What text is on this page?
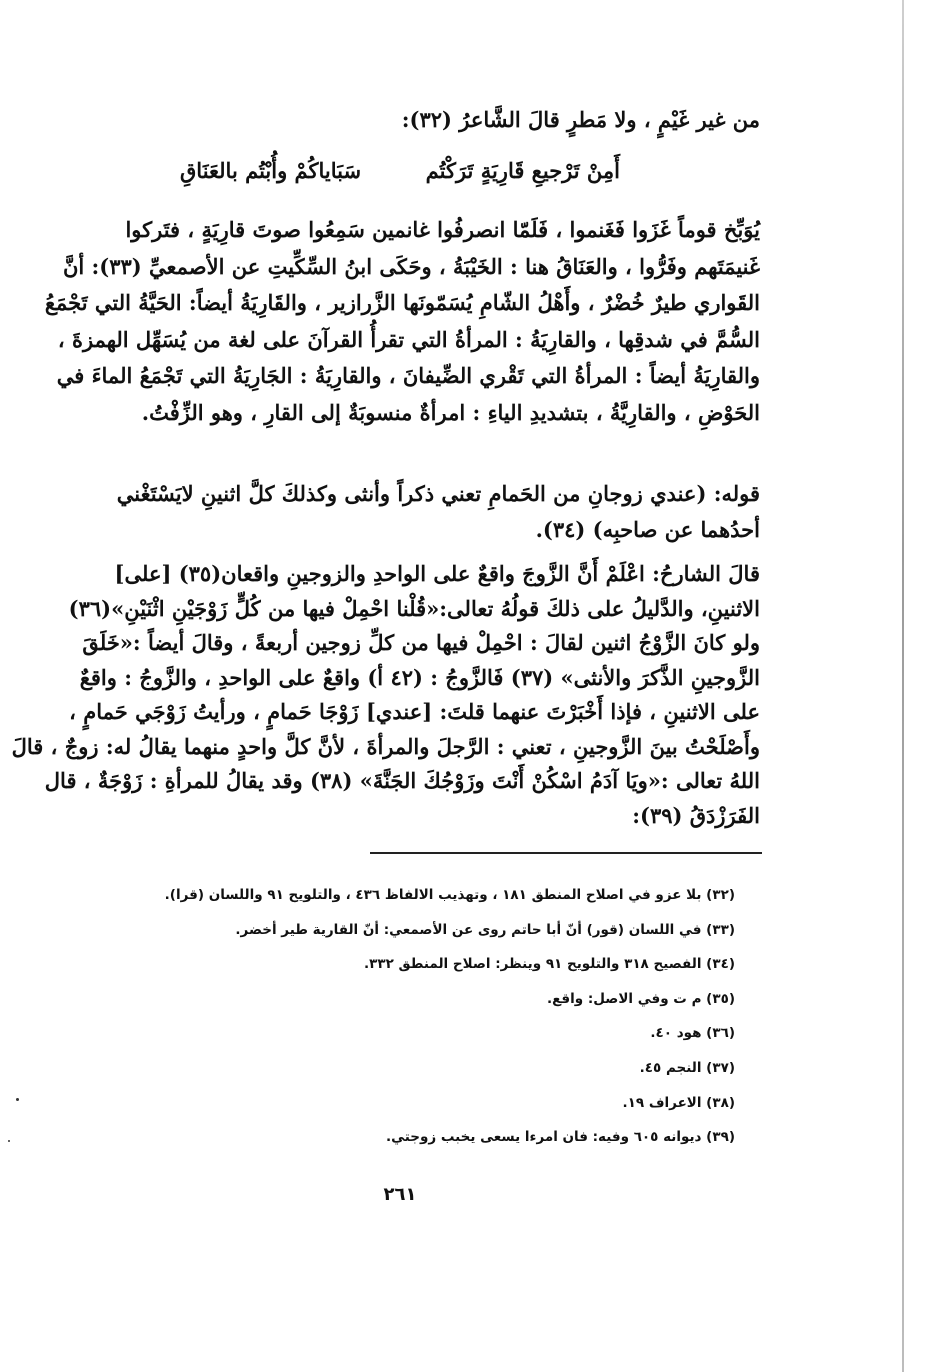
من غير غَيْمٍ ، ولا مَطرٍ قالَ الشَّاعرُ (٣٢):
أَمِنْ تَرْجيعِ قَارِيَةٍ تَرَكْتُم
سَبَاياكُمْ وأُبْتُم بالعَنَاقِ
يُوَبِّخ قوماً غَزَوا فَغَنموا ، فَلَمّا انصرفُوا غانمين سَمِعُوا صوتَ قارِيَةٍ ، فتَركوا
غَنيمَتَهم وفَرُّوا ، والعَنَاقُ هنا : الخَيْبَةُ ، وحَكَى ابنُ السِّكِّيتِ عن الأصمعيِّ (٣٣): أنَّ
القَواري طيرٌ خُضْرٌ ، وأَهْلُ الشّامِ يُسَمّونَها الزَّرازير ، والقَارِيَةُ أيضاً: الحَيَّةُ التي تَجْمَعُ
السُّمَّ في شدقِها ، والقارِيَةُ : المرأةُ التي تقرأُ القرآنَ على لغة من يُسَهِّل الهمزةَ ،
والقارِيَةُ أيضاً : المرأةُ التي تَقْري الضِّيفانَ ، والقارِيَةُ : الجَارِيَةُ التي تَجْمَعُ الماءَ في
الحَوْضِ ، والقارِيَّةُ ، بتشديدِ الياءِ : امرأةٌ منسوبَةٌ إلى القارِ ، وهو الزِّفْتُ.
قوله: (عندي زوجانِ من الحَمامِ تعني ذكراً وأنثى وكذلكَ كلَّ اثنينِ لايَسْتَغْني
أحدُهما عن صاحبِه) (٣٤).
قالَ الشارحُ: اعْلَمْ أَنَّ الزَّوجَ واقعٌ على الواحدِ والزوجينِ واقعان(٣٥) [على]
الاثنينِ، والدَّليلُ على ذلكَ قولُهُ تعالى:«قُلْنا احْمِلْ فيها من كُلٍّ زَوْجَيْنِ اثْنَيْنِ»(٣٦)
ولو كانَ الزَّوْجُ اثنين لقالَ : احْمِلْ فيها من كلِّ زوجين أربعةً ، وقالَ أيضاً :«خَلَقَ
الزَّوجينِ الذَّكرَ والأنثى» (٣٧) فَالزَّوجُ : (٤٢ أ) واقعٌ على الواحدِ ، والزَّوجُ : واقعٌ
على الاثنينِ ، فإذا أَخْبَرْتَ عنهما قلتَ: [عندي] زَوْجَا حَمامٍ ، ورأيتُ زَوْجَي حَمامٍ ،
وأَصْلَحْتُ بينَ الزَّوجينِ ، تعني : الرَّجلَ والمرأةَ ، لأنَّ كلَّ واحدٍ منهما يقالُ له: زوجٌ ، قالَ
اللهُ تعالى :«ويَا آدَمُ اسْكُنْ أَنْتَ وزَوْجُكَ الجَنَّةَ» (٣٨) وقد يقالُ للمرأةِ : زَوْجَةٌ ، قال
الفَرَزْدَقُ (٣٩):
(٣٢) بلا عزو في اصلاح المنطق ١٨١ ، وتهذيب الالفاظ ٤٣٦ ، والتلويح ٩١ واللسان (قرا).
(٣٣) في اللسان (قور) أنّ أبا حاتم روى عن الأصمعي: أنّ القارية طير أخضر.
(٣٤) الفصيح ٣١٨ والتلويح ٩١ وينظر: اصلاح المنطق ٣٣٢.
(٣٥) م ت وفي الاصل: واقع.
(٣٦) هود ٤٠.
(٣٧) النجم ٤٥.
(٣٨) الاعراف ١٩.
(٣٩) ديوانه ٦٠٥ وفيه: فان امرءا يسعى يخبب زوجتي.
٢٦١
